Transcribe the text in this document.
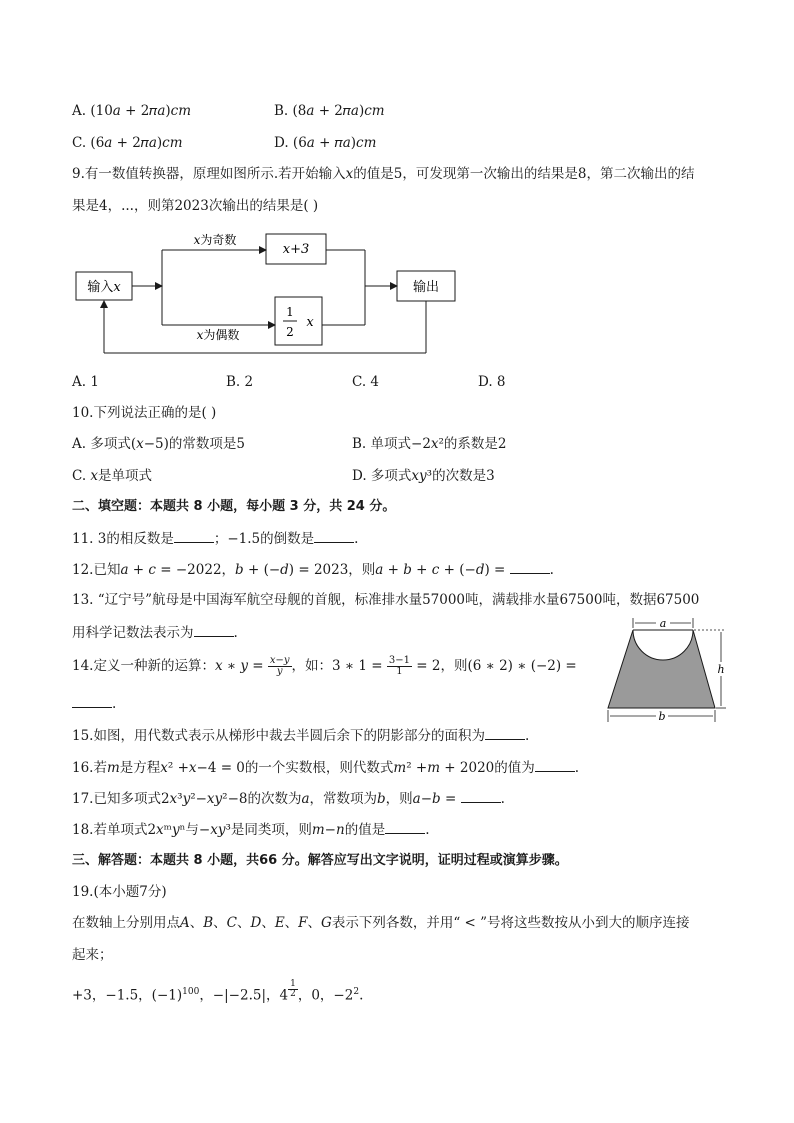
A. (10𝑎 + 2𝜋𝑎)𝑐𝑚	B. (8𝑎 + 2𝜋𝑎)𝑐𝑚
C. (6𝑎 + 2𝜋𝑎)𝑐𝑚	D. (6𝑎 + 𝜋𝑎)𝑐𝑚
9.有一数值转换器，原理如图所示.若开始输入𝑥的值是5，可发现第一次输出的结果是8，第二次输出的结
果是4，...，则第2023次输出的结果是( )
输入𝑥
𝑥为奇数
𝑥+3
𝑥为偶数
1
2
𝑥
输出
A. 1	B. 2	C. 4	D. 8
10.下列说法正确的是( )
A. 多项式(𝑥−5)的常数项是5	B. 单项式−2𝑥²的系数是2
C. 𝑥是单项式	D. 多项式𝑥𝑦³的次数是3
二、填空题：本题共 8 小题，每小题 3 分，共 24 分。
11. 3的相反数是	；−1.5的倒数是	.
12.已知𝑎 + 𝑐 = −2022，𝑏 + (−𝑑) = 2023，则𝑎 + 𝑏 + 𝑐 + (−𝑑) =	.
13. “辽宁号”航母是中国海军航空母舰的首舰，标准排水量57000吨，满载排水量67500吨，数据67500
用科学记数法表示为	.
14.定义一种新的运算：𝑥 ∗ 𝑦 = $\frac{\text{𝑥−𝑦}}{\text{𝑦}}$ ，如：3 ∗ $1 = \frac{3-1}{1} = 2$，则(6 ∗ 2) ∗ (−2) =
.
a
h
b
15.如图，用代数式表示从梯形中裁去半圆后余下的阴影部分的面积为	.
16.若𝑚是方程𝑥² +𝑥−4 = 0的一个实数根，则代数式𝑚² +𝑚 + 2020的值为	.
17.已知多项式2𝑥³𝑦²−𝑥𝑦²−8的次数为𝑎，常数项为𝑏，则𝑎−𝑏 =	.
18.若单项式2𝑥ᵐ𝑦ⁿ与−𝑥𝑦³是同类项，则𝑚−𝑛的值是	.
三、解答题：本题共 8 小题，共66 分。解答应写出文字说明，证明过程或演算步骤。
19.(本小题7分)
在数轴上分别用点𝐴、𝐵、𝐶、𝐷、𝐸、𝐹、𝐺表示下列各数，并用“ < ”号将这些数按从小到大的顺序连接
起来；
+3，−1.5，$(-1)^{100}$，−|−2.5|，$4 \frac{1}{2}$ ，0，$-2^2$.
